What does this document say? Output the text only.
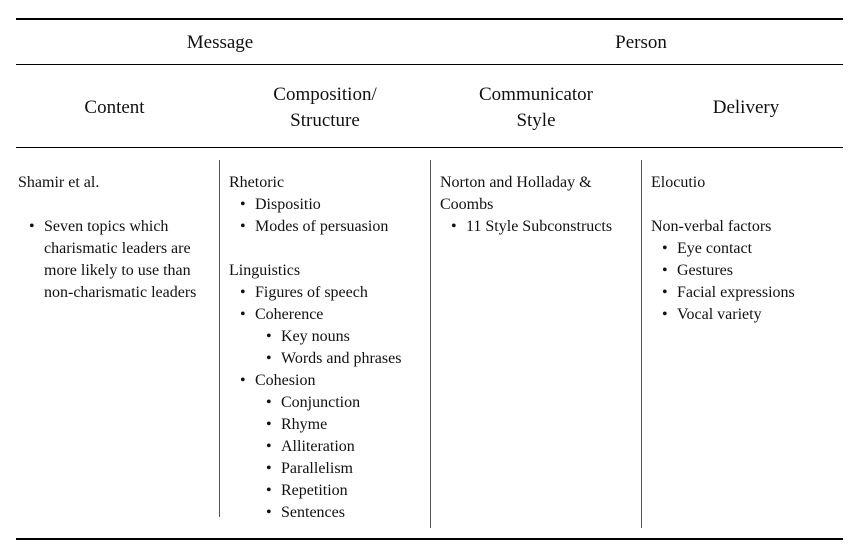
Message	Person
Content
Composition/
Structure
Communicator
Style
Delivery

Shamir et al.

• Seven topics which charismatic leaders are more likely to use than non-charismatic leaders

Rhetoric

• Dispositio
• Modes of persuasion

Linguistics

• Figures of speech
• Coherence
• Key nouns
• Words and phrases
• Cohesion
• Conjunction
• Rhyme
• Alliteration
• Parallelism
• Repetition
• Sentences

Norton and Holladay &
Coombs

• 11 Style Subconstructs

Elocutio

Non-verbal factors

• Eye contact
• Gestures
• Facial expressions
• Vocal variety
